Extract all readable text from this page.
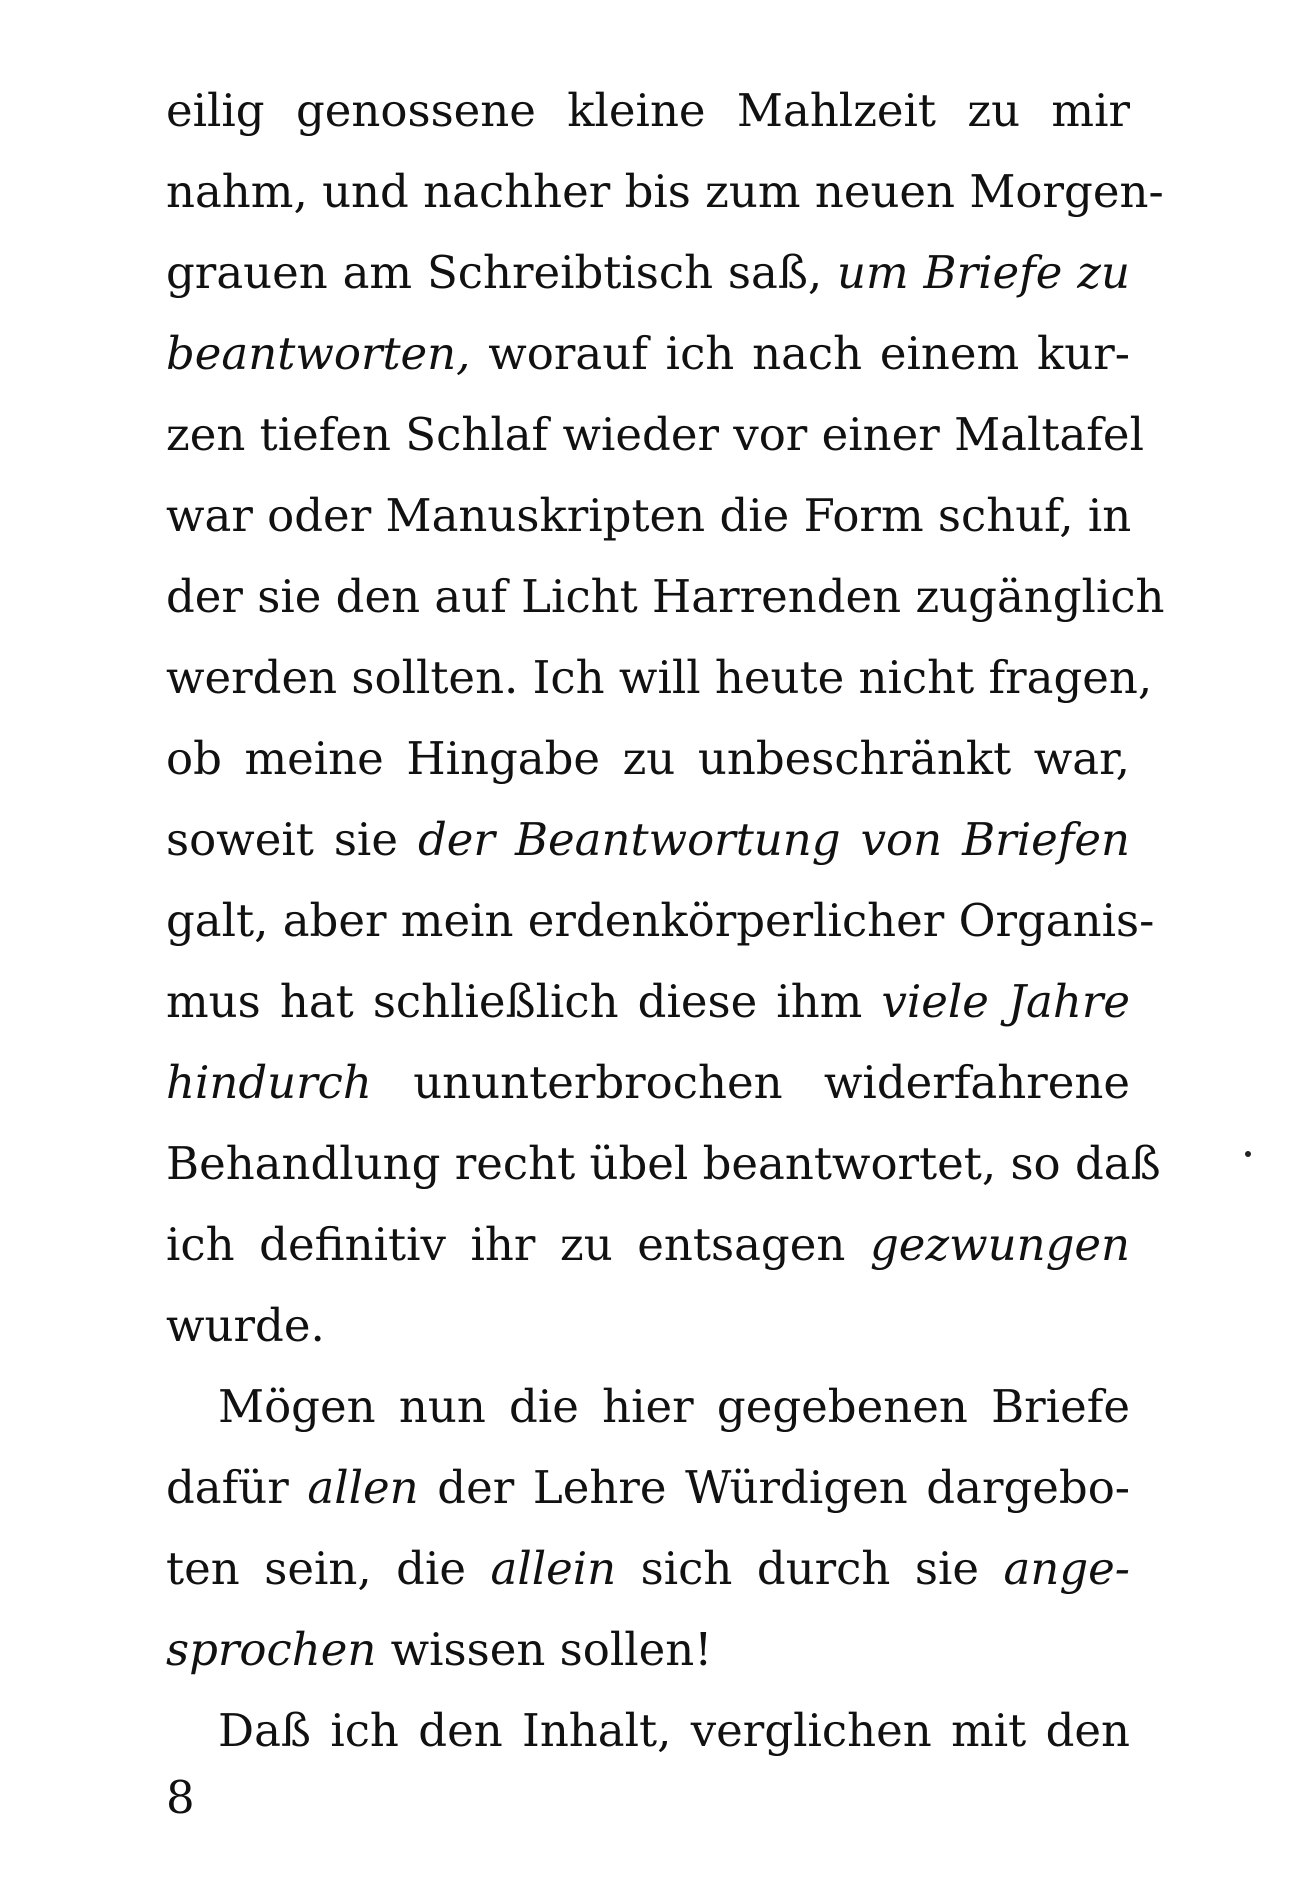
eilig genossene kleine Mahlzeit zu mir
nahm, und nachher bis zum neuen Morgen-
grauen am Schreibtisch saß, um Briefe zu
beantworten, worauf ich nach einem kur-
zen tiefen Schlaf wieder vor einer Maltafel
war oder Manuskripten die Form schuf, in
der sie den auf Licht Harrenden zugänglich
werden sollten. Ich will heute nicht fragen,
ob meine Hingabe zu unbeschränkt war,
soweit sie der Beantwortung von Briefen
galt, aber mein erdenkörperlicher Organis-
mus hat schließlich diese ihm viele Jahre
hindurch ununterbrochen widerfahrene
Behandlung recht übel beantwortet, so daß
ich definitiv ihr zu entsagen gezwungen
wurde.
Mögen nun die hier gegebenen Briefe
dafür allen der Lehre Würdigen dargebo-
ten sein, die allein sich durch sie ange-
sprochen wissen sollen!
Daß ich den Inhalt, verglichen mit den
8
